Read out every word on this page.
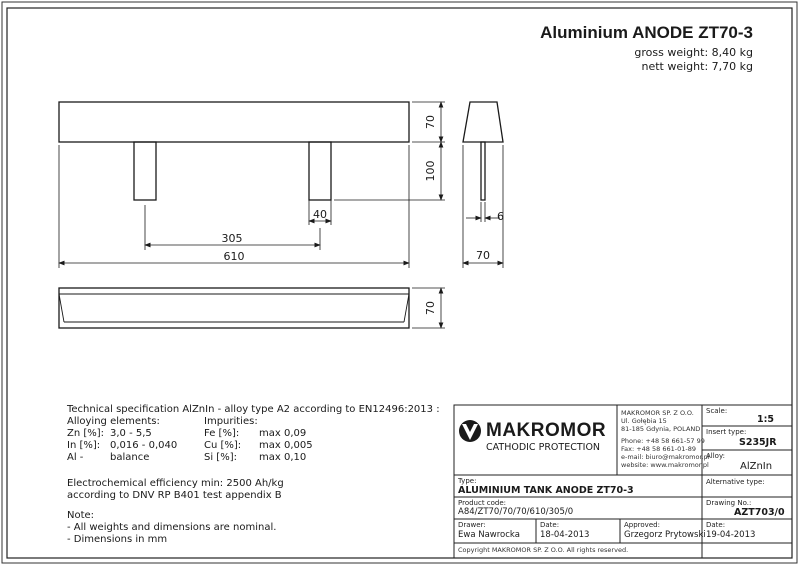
70
100
40
305
610
6
70
70
Aluminium ANODE ZT70-3
gross weight: 8,40 kg
nett weight: 7,70 kg
Technical specification AlZnIn - alloy type A2 according to EN12496:2013 :
Alloying elements:	Impurities:
Zn [%]: 3,0 - 5,5
In [%]: 0,016 - 0,040
Al -	balance
Fe [%]: max 0,09
Cu [%]: max 0,005
Si [%]: max 0,10
Electrochemical efficiency min: 2500 Ah/kg
according to DNV RP B401 test appendix B
Note:
- All weights and dimensions are nominal.
- Dimensions in mm
MAKROMOR
CATHODIC PROTECTION
MAKROMOR SP. Z O.O.
Ul. Gołębia 15
81-185 Gdynia, POLAND
Phone: +48 58 661-57 99
Fax: +48 58 661-01-89
e-mail: biuro@makromor.pl
website: www.makromor.pl
Scale:
1:5
Insert type:
S235JR
Alloy:
AlZnIn
Alternative type:
Type:
ALUMINIUM TANK ANODE ZT70-3
Product code:
A84/ZT70/70/70/610/305/0
Drawing No.:
AZT703/0
Drawer:
Ewa Nawrocka
Date:
18-04-2013
Approved:
Grzegorz Prytowski
Date:
19-04-2013
Copyright MAKROMOR SP. Z O.O. All rights reserved.
